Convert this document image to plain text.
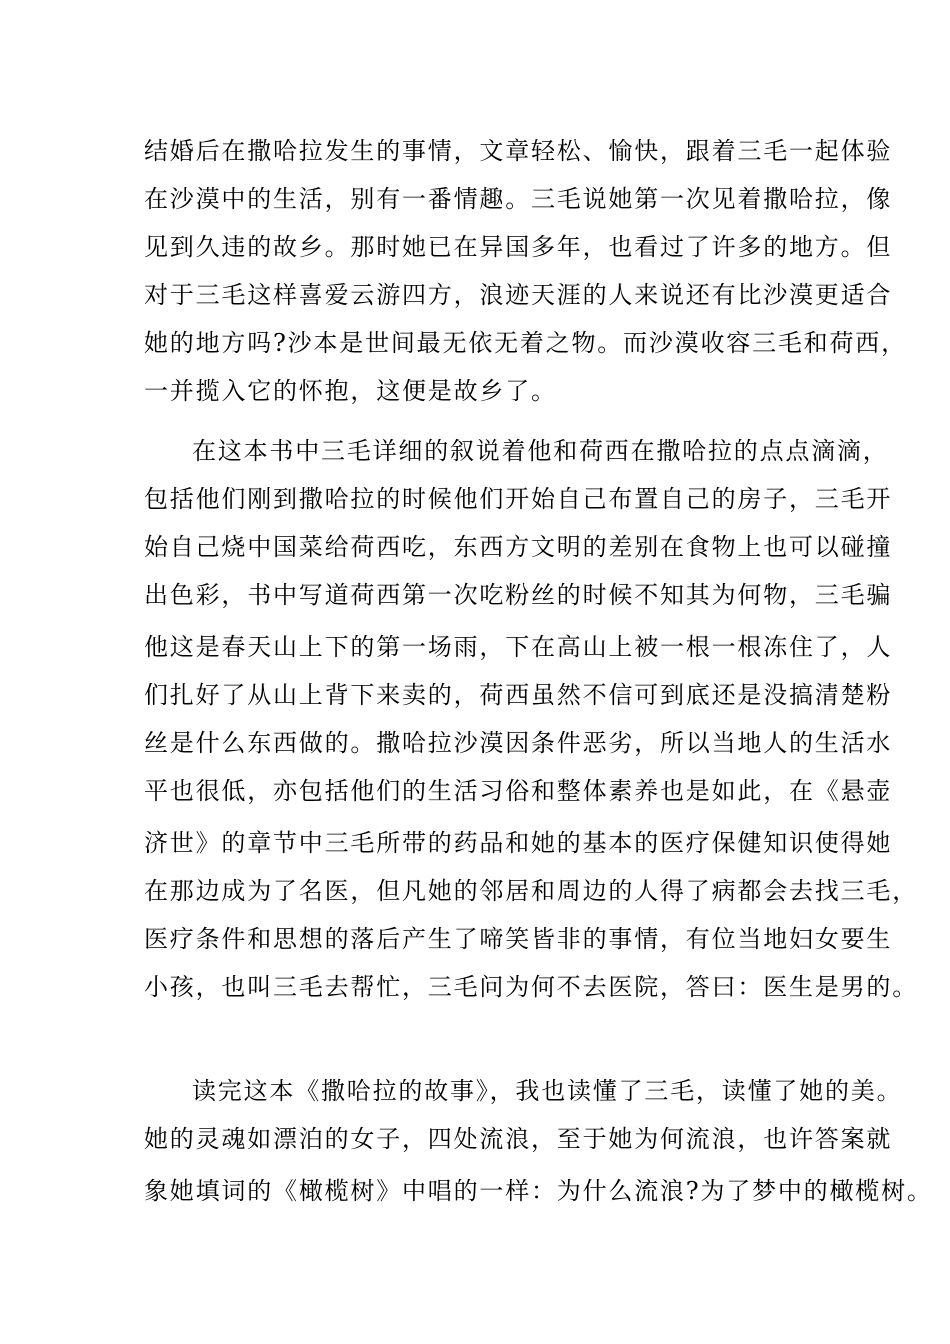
结婚后在撒哈拉发生的事情，文章轻松、愉快，跟着三毛一起体验
在沙漠中的生活，别有一番情趣。三毛说她第一次见着撒哈拉，像
见到久违的故乡。那时她已在异国多年，也看过了许多的地方。但
对于三毛这样喜爱云游四方，浪迹天涯的人来说还有比沙漠更适合
她的地方吗?沙本是世间最无依无着之物。而沙漠收容三毛和荷西，
一并揽入它的怀抱，这便是故乡了。
在这本书中三毛详细的叙说着他和荷西在撒哈拉的点点滴滴，
包括他们刚到撒哈拉的时候他们开始自己布置自己的房子，三毛开
始自己烧中国菜给荷西吃，东西方文明的差别在食物上也可以碰撞
出色彩，书中写道荷西第一次吃粉丝的时候不知其为何物，三毛骗
他这是春天山上下的第一场雨，下在高山上被一根一根冻住了，人
们扎好了从山上背下来卖的，荷西虽然不信可到底还是没搞清楚粉
丝是什么东西做的。撒哈拉沙漠因条件恶劣，所以当地人的生活水
平也很低，亦包括他们的生活习俗和整体素养也是如此，在《悬壶
济世》的章节中三毛所带的药品和她的基本的医疗保健知识使得她
在那边成为了名医，但凡她的邻居和周边的人得了病都会去找三毛，
医疗条件和思想的落后产生了啼笑皆非的事情，有位当地妇女要生
小孩，也叫三毛去帮忙，三毛问为何不去医院，答曰：医生是男的。
读完这本《撒哈拉的故事》，我也读懂了三毛，读懂了她的美。
她的灵魂如漂泊的女子，四处流浪，至于她为何流浪，也许答案就
象她填词的《橄榄树》中唱的一样：为什么流浪?为了梦中的橄榄树。
